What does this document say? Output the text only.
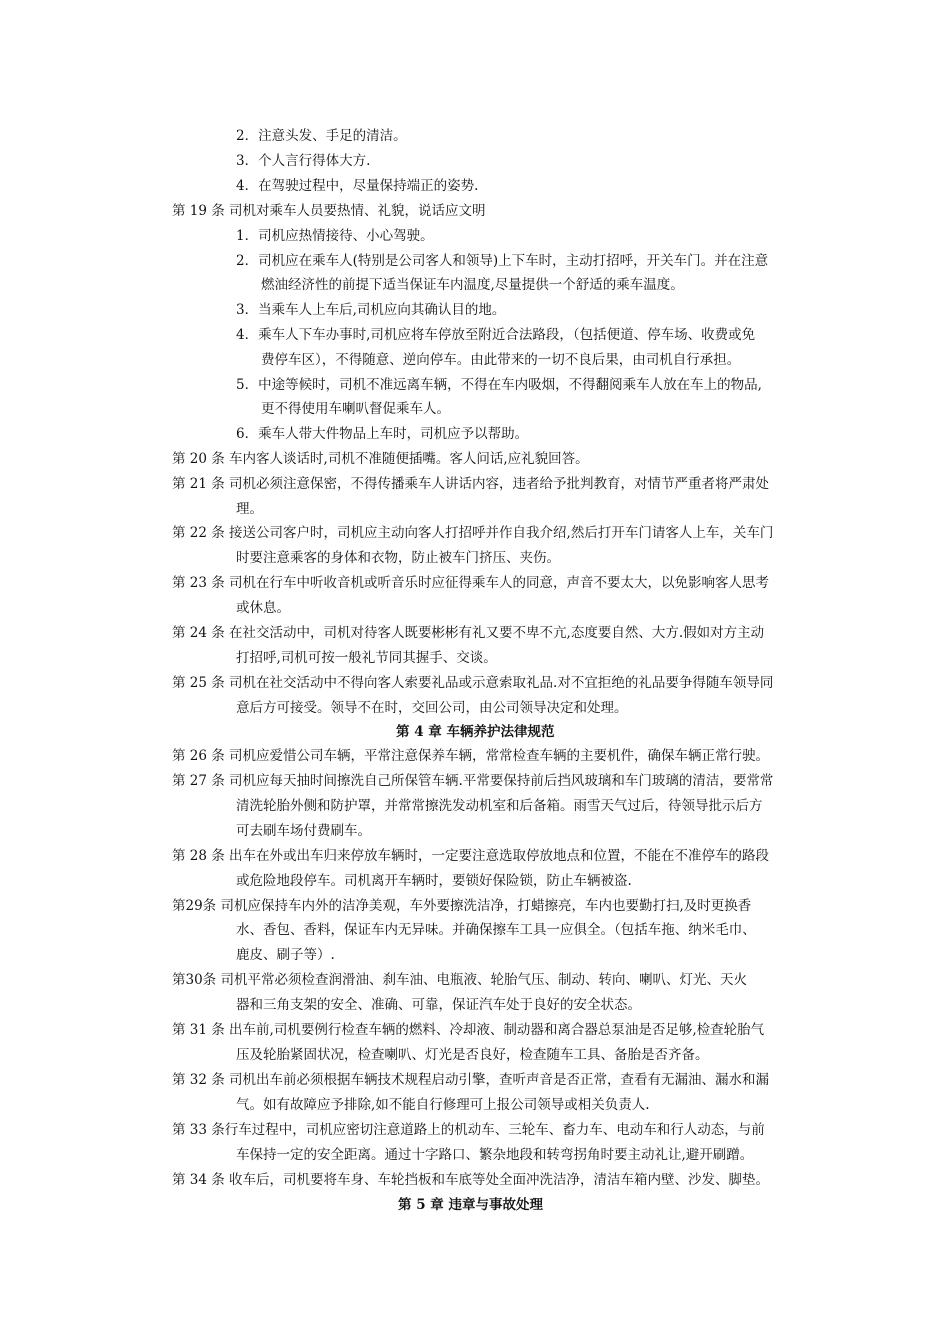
2．注意头发、手足的清洁。
3．个人言行得体大方.
4．在驾驶过程中，尽量保持端正的姿势.
第 19 条 司机对乘车人员要热情、礼貌，说话应文明
1．司机应热情接待、小心驾驶。
2．司机应在乘车人(特别是公司客人和领导)上下车时，主动打招呼，开关车门。并在注意
燃油经济性的前提下适当保证车内温度,尽量提供一个舒适的乘车温度。
3．当乘车人上车后,司机应向其确认目的地。
4．乘车人下车办事时,司机应将车停放至附近合法路段，（包括便道、停车场、收费或免
费停车区），不得随意、逆向停车。由此带来的一切不良后果，由司机自行承担。
5．中途等候时，司机不准远离车辆，不得在车内吸烟，不得翻阅乘车人放在车上的物品,
更不得使用车喇叭督促乘车人。
6．乘车人带大件物品上车时，司机应予以帮助。
第 20 条 车内客人谈话时,司机不准随便插嘴。客人问话,应礼貌回答。
第 21 条 司机必须注意保密，不得传播乘车人讲话内容，违者给予批判教育，对情节严重者将严肃处
理。
第 22 条 接送公司客户时，司机应主动向客人打招呼并作自我介绍,然后打开车门请客人上车，关车门
时要注意乘客的身体和衣物，防止被车门挤压、夹伤。
第 23 条 司机在行车中听收音机或听音乐时应征得乘车人的同意，声音不要太大，以免影响客人思考
或休息。
第 24 条 在社交活动中，司机对待客人既要彬彬有礼又要不卑不亢,态度要自然、大方.假如对方主动
打招呼,司机可按一般礼节同其握手、交谈。
第 25 条 司机在社交活动中不得向客人索要礼品或示意索取礼品.对不宜拒绝的礼品要争得随车领导同
意后方可接受。领导不在时，交回公司，由公司领导决定和处理。
第 4 章 车辆养护法律规范
第 26 条 司机应爱惜公司车辆，平常注意保养车辆，常常检查车辆的主要机件，确保车辆正常行驶。
第 27 条 司机应每天抽时间擦洗自己所保管车辆.平常要保持前后挡风玻璃和车门玻璃的清洁，要常常
清洗轮胎外侧和防护罩，并常常擦洗发动机室和后备箱。雨雪天气过后，待领导批示后方
可去刷车场付费刷车。
第 28 条 出车在外或出车归来停放车辆时，一定要注意选取停放地点和位置，不能在不准停车的路段
或危险地段停车。司机离开车辆时，要锁好保险锁，防止车辆被盗.
第29条 司机应保持车内外的洁净美观，车外要擦洗洁净，打蜡擦亮，车内也要勤打扫,及时更换香
水、香包、香料，保证车内无异味。并确保擦车工具一应俱全。（包括车拖、纳米毛巾、
鹿皮、刷子等）.
第30条 司机平常必须检查润滑油、刹车油、电瓶液、轮胎气压、制动、转向、喇叭、灯光、天火
器和三角支架的安全、准确、可靠，保证汽车处于良好的安全状态。
第 31 条 出车前,司机要例行检查车辆的燃料、冷却液、制动器和离合器总泵油是否足够,检查轮胎气
压及轮胎紧固状况，检查喇叭、灯光是否良好，检查随车工具、备胎是否齐备。
第 32 条 司机出车前必须根据车辆技术规程启动引擎，查听声音是否正常，查看有无漏油、漏水和漏
气。如有故障应予排除,如不能自行修理可上报公司领导或相关负责人.
第 33 条行车过程中，司机应密切注意道路上的机动车、三轮车、畜力车、电动车和行人动态，与前
车保持一定的安全距离。通过十字路口、繁杂地段和转弯拐角时要主动礼让,避开刷蹭。
第 34 条 收车后，司机要将车身、车轮挡板和车底等处全面冲洗洁净，清洁车箱内壁、沙发、脚垫。
第 5 章 违章与事故处理
